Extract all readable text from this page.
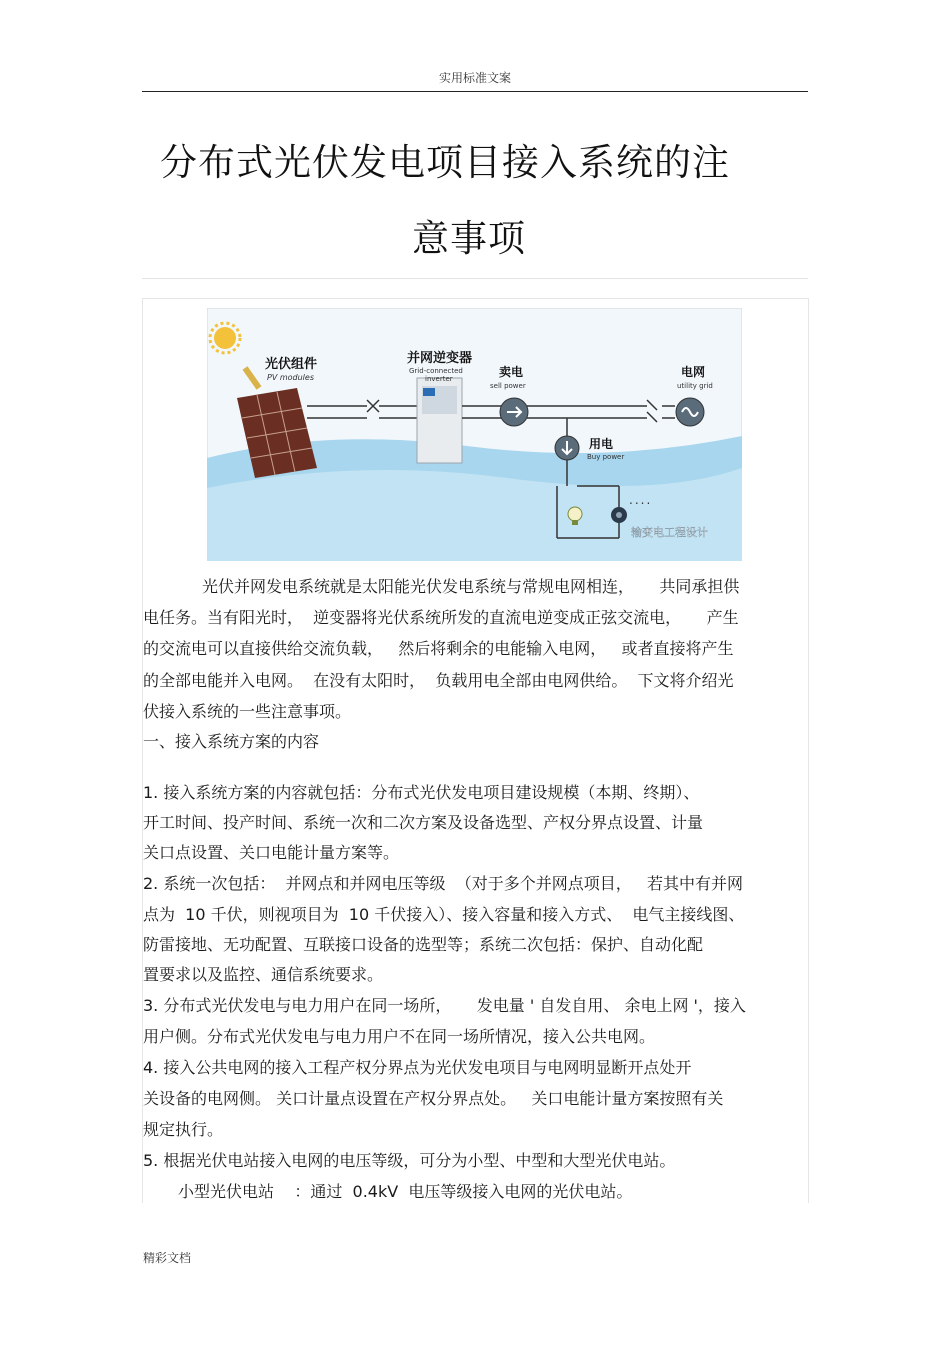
实用标准文案
分布式光伏发电项目接入系统的注
意事项
光伏组件
PV modules
并网逆变器
Grid-connected
inverter	卖电
sell power
电网
utility grid
用电
Buy power
....
输变电工程设计
光伏并网发电系统就是太阳能光伏发电系统与常规电网相连，     共同承担供
电任务。当有阳光时，  逆变器将光伏系统所发的直流电逆变成正弦交流电，     产生
的交流电可以直接供给交流负载，   然后将剩余的电能输入电网，   或者直接将产生
的全部电能并入电网。  在没有太阳时，  负载用电全部由电网供给。  下文将介绍光
伏接入系统的一些注意事项。
一、接入系统方案的内容
1. 接入系统方案的内容就包括：分布式光伏发电项目建设规模（本期、终期）、
开工时间、投产时间、系统一次和二次方案及设备选型、产权分界点设置、计量
关口点设置、关口电能计量方案等。
2. 系统一次包括：  并网点和并网电压等级  （对于多个并网点项目，   若其中有并网
点为  10 千伏，则视项目为  10 千伏接入）、接入容量和接入方式、  电气主接线图、
防雷接地、无功配置、互联接口设备的选型等；系统二次包括：保护、自动化配
置要求以及监控、通信系统要求。
3. 分布式光伏发电与电力用户在同一场所，     发电量 ' 自发自用、 余电上网 '，接入
用户侧。分布式光伏发电与电力用户不在同一场所情况，接入公共电网。
4. 接入公共电网的接入工程产权分界点为光伏发电项目与电网明显断开点处开
关设备的电网侧。 关口计量点设置在产权分界点处。   关口电能计量方案按照有关
规定执行。
5. 根据光伏电站接入电网的电压等级，可分为小型、中型和大型光伏电站。
小型光伏电站    ：通过  0.4kV  电压等级接入电网的光伏电站。
精彩文档
